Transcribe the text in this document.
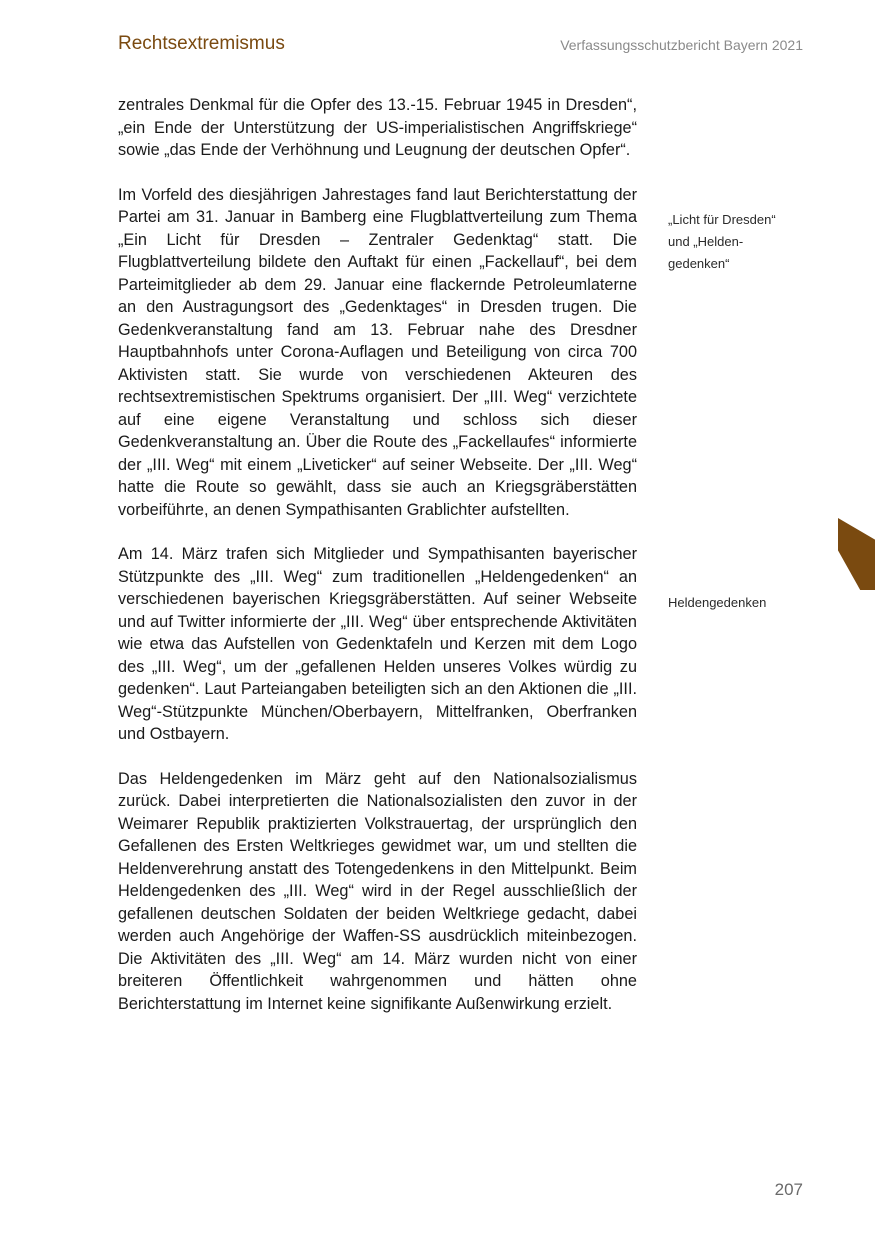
Rechtsextremismus	Verfassungsschutzbericht Bayern 2021

zentrales Denkmal für die Opfer des 13.-15. Februar 1945 in Dresden“, „ein Ende der Unterstützung der US-imperialistischen Angriffskriege“ sowie „das Ende der Verhöhnung und Leugnung der deutschen Opfer“.

Im Vorfeld des diesjährigen Jahrestages fand laut Berichterstattung der Partei am 31. Januar in Bamberg eine Flugblattverteilung zum Thema „Ein Licht für Dresden – Zentraler Gedenktag“ statt. Die Flugblattverteilung bildete den Auftakt für einen „Fackellauf“, bei dem Parteimitglieder ab dem 29. Januar eine flackernde Petroleumlaterne an den Austragungsort des „Gedenktages“ in Dresden trugen. Die Gedenkveranstaltung fand am 13. Februar nahe des Dresdner Hauptbahnhofs unter Corona-Auflagen und Beteiligung von circa 700 Aktivisten statt. Sie wurde von verschiedenen Akteuren des rechtsextremistischen Spektrums organisiert. Der „III. Weg“ verzichtete auf eine eigene Veranstaltung und schloss sich dieser Gedenkveranstaltung an. Über die Route des „Fackellaufes“ informierte der „III. Weg“ mit einem „Liveticker“ auf seiner Webseite. Der „III. Weg“ hatte die Route so gewählt, dass sie auch an Kriegsgräberstätten vorbeiführte, an denen Sympathisanten Grablichter aufstellten.

Am 14. März trafen sich Mitglieder und Sympathisanten bayerischer Stützpunkte des „III. Weg“ zum traditionellen „Heldengedenken“ an verschiedenen bayerischen Kriegsgräberstätten. Auf seiner Webseite und auf Twitter informierte der „III. Weg“ über entsprechende Aktivitäten wie etwa das Aufstellen von Gedenktafeln und Kerzen mit dem Logo des „III. Weg“, um der „gefallenen Helden unseres Volkes würdig zu gedenken“. Laut Parteiangaben beteiligten sich an den Aktionen die „III. Weg“-Stützpunkte München/Oberbayern, Mittelfranken, Oberfranken und Ostbayern.

Das Heldengedenken im März geht auf den Nationalsozialismus zurück. Dabei interpretierten die Nationalsozialisten den zuvor in der Weimarer Republik praktizierten Volkstrauertag, der ursprünglich den Gefallenen des Ersten Weltkrieges gewidmet war, um und stellten die Heldenverehrung anstatt des Totengedenkens in den Mittelpunkt. Beim Heldengedenken des „III. Weg“ wird in der Regel ausschließlich der gefallenen deutschen Soldaten der beiden Weltkriege gedacht, dabei werden auch Angehörige der Waffen-SS ausdrücklich miteinbezogen. Die Aktivitäten des „III. Weg“ am 14. März wurden nicht von einer breiteren Öffentlichkeit wahrgenommen und hätten ohne Berichterstattung im Internet keine signifikante Außenwirkung erzielt.

„Licht für Dresden“
und „Helden-
gedenken“
Heldengedenken
207
